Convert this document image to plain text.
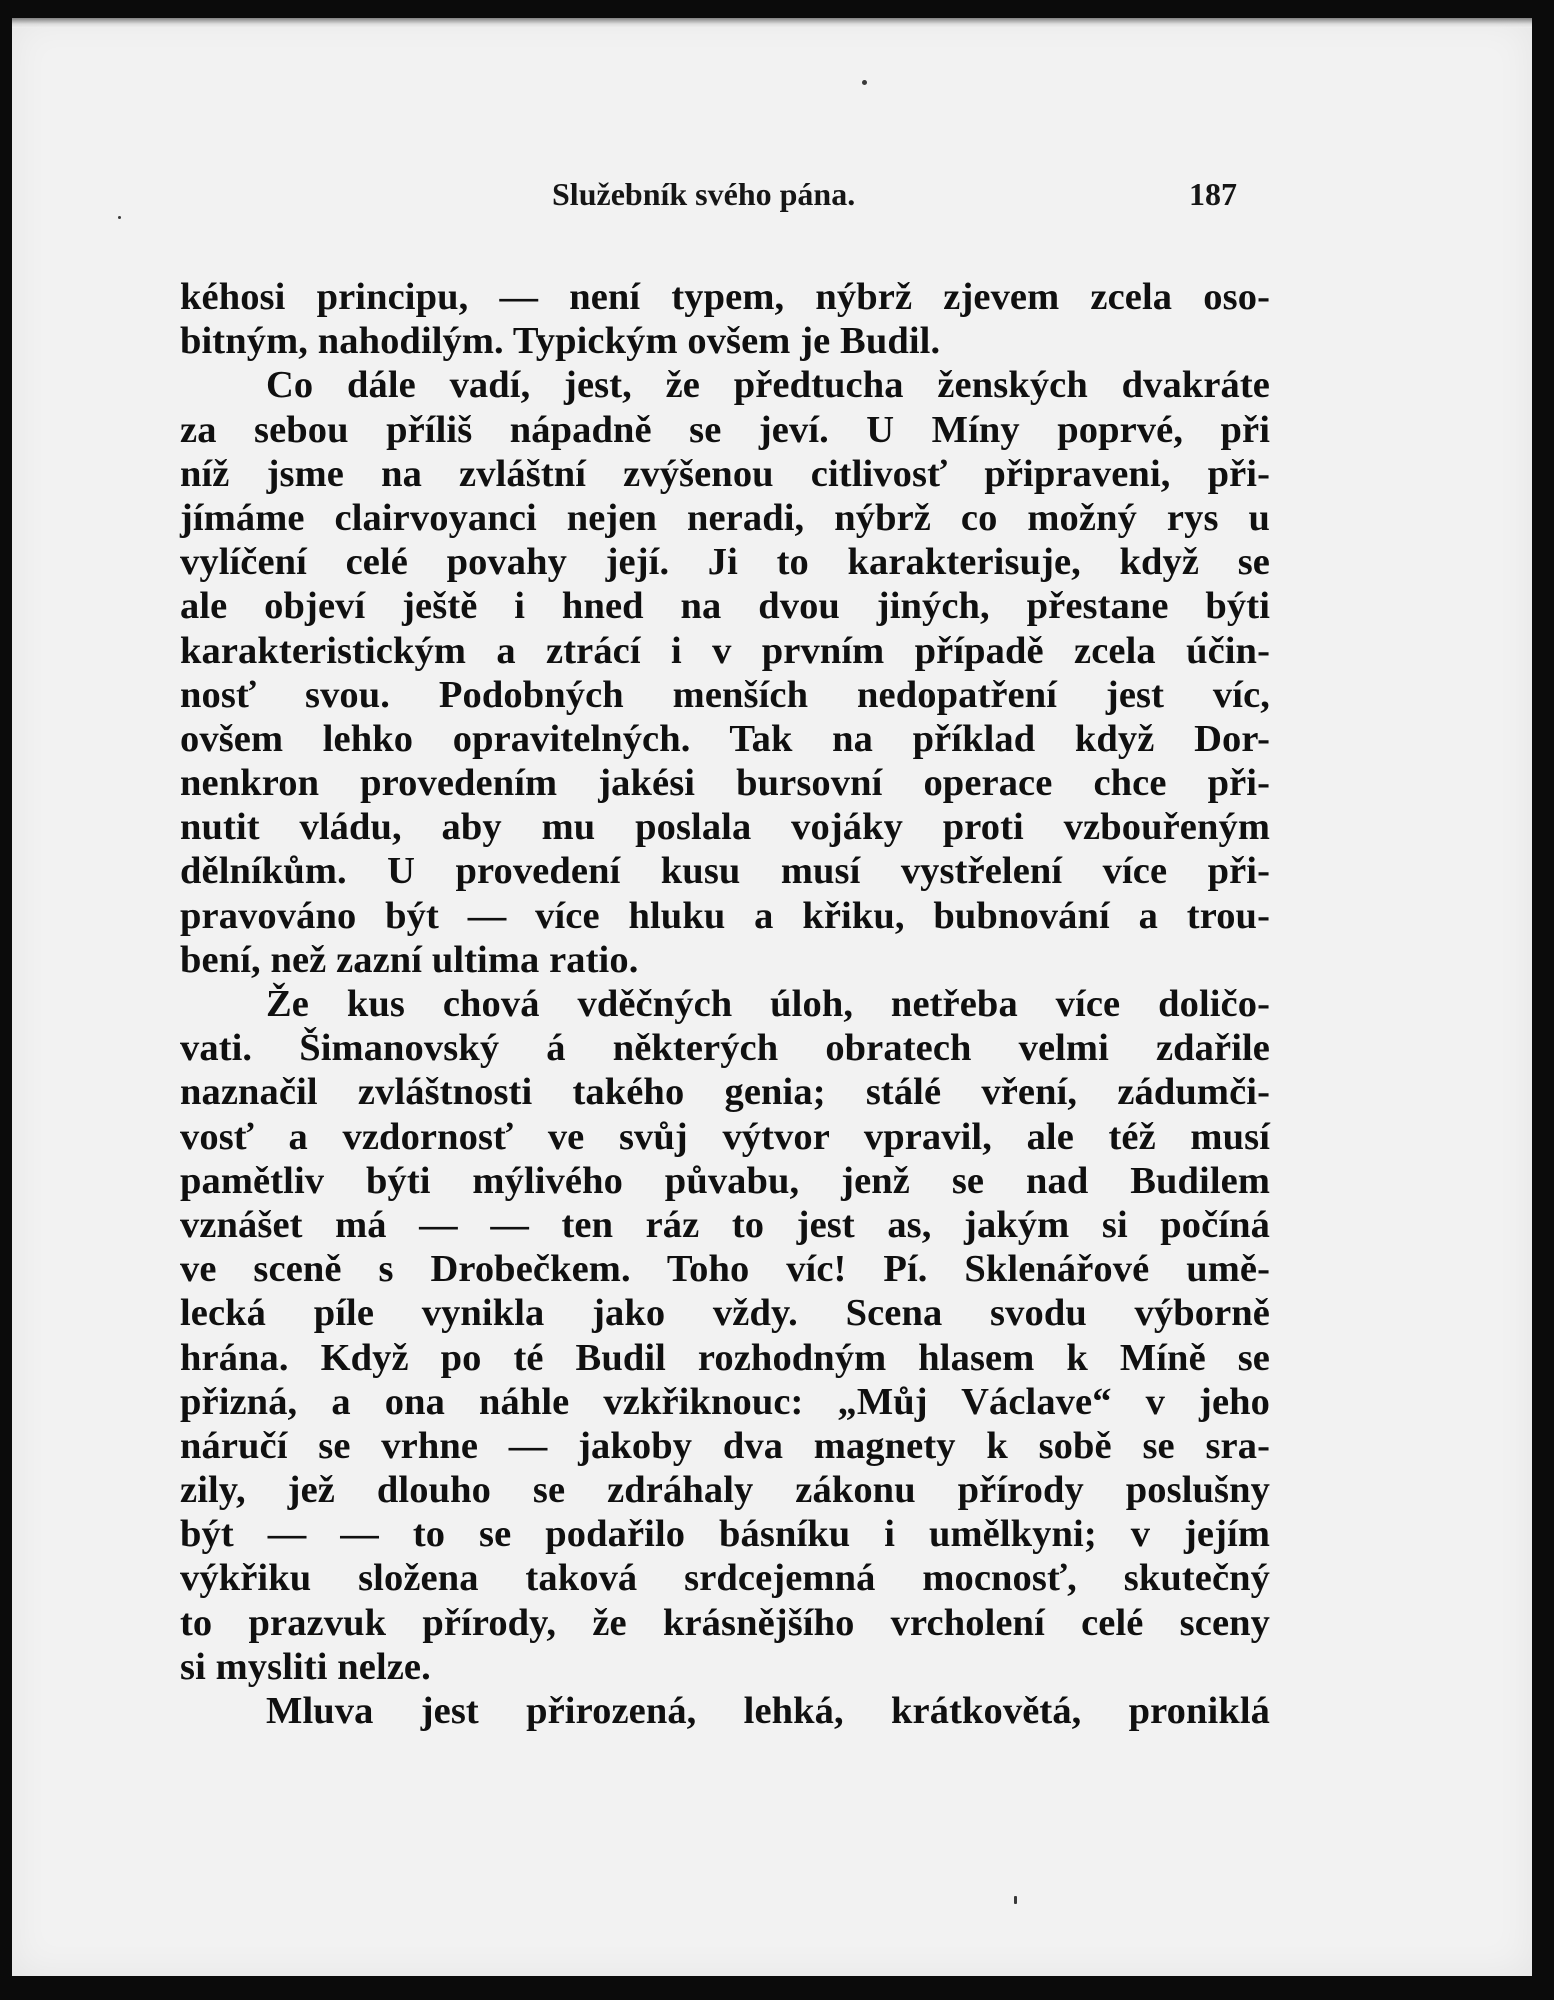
Služebník svého pána.	187
kéhosi principu, — není typem, nýbrž zjevem zcela oso-
bitným, nahodilým. Typickým ovšem je Budil.
Co dále vadí, jest, že předtucha ženských dvakráte
za sebou příliš nápadně se jeví. U Míny poprvé, při
níž jsme na zvláštní zvýšenou citlivosť připraveni, při-
jímáme clairvoyanci nejen neradi, nýbrž co možný rys u
vylíčení celé povahy její. Ji to karakterisuje, když se
ale objeví ještě i hned na dvou jiných, přestane býti
karakteristickým a ztrácí i v prvním případě zcela účin-
nosť svou. Podobných menších nedopatření jest víc,
ovšem lehko opravitelných. Tak na příklad když Dor-
nenkron provedením jakési bursovní operace chce při-
nutit vládu, aby mu poslala vojáky proti vzbouřeným
dělníkům. U provedení kusu musí vystřelení více při-
pravováno být — více hluku a křiku, bubnování a trou-
bení, než zazní ultima ratio.
Že kus chová vděčných úloh, netřeba více doličo-
vati. Šimanovský á některých obratech velmi zdařile
naznačil zvláštnosti takého genia; stálé vření, zádumči-
vosť a vzdornosť ve svůj výtvor vpravil, ale též musí
pamětliv býti mýlivého půvabu, jenž se nad Budilem
vznášet má — — ten ráz to jest as, jakým si počíná
ve sceně s Drobečkem. Toho víc! Pí. Sklenářové umě-
lecká píle vynikla jako vždy. Scena svodu výborně
hrána. Když po té Budil rozhodným hlasem k Míně se
přizná, a ona náhle vzkřiknouc: „Můj Václave“ v jeho
náručí se vrhne — jakoby dva magnety k sobě se sra-
zily, jež dlouho se zdráhaly zákonu přírody poslušny
být — — to se podařilo básníku i umělkyni; v jejím
výkřiku složena taková srdcejemná mocnosť, skutečný
to prazvuk přírody, že krásnějšího vrcholení celé sceny
si mysliti nelze.
Mluva jest přirozená, lehká, krátkovětá, proniklá
